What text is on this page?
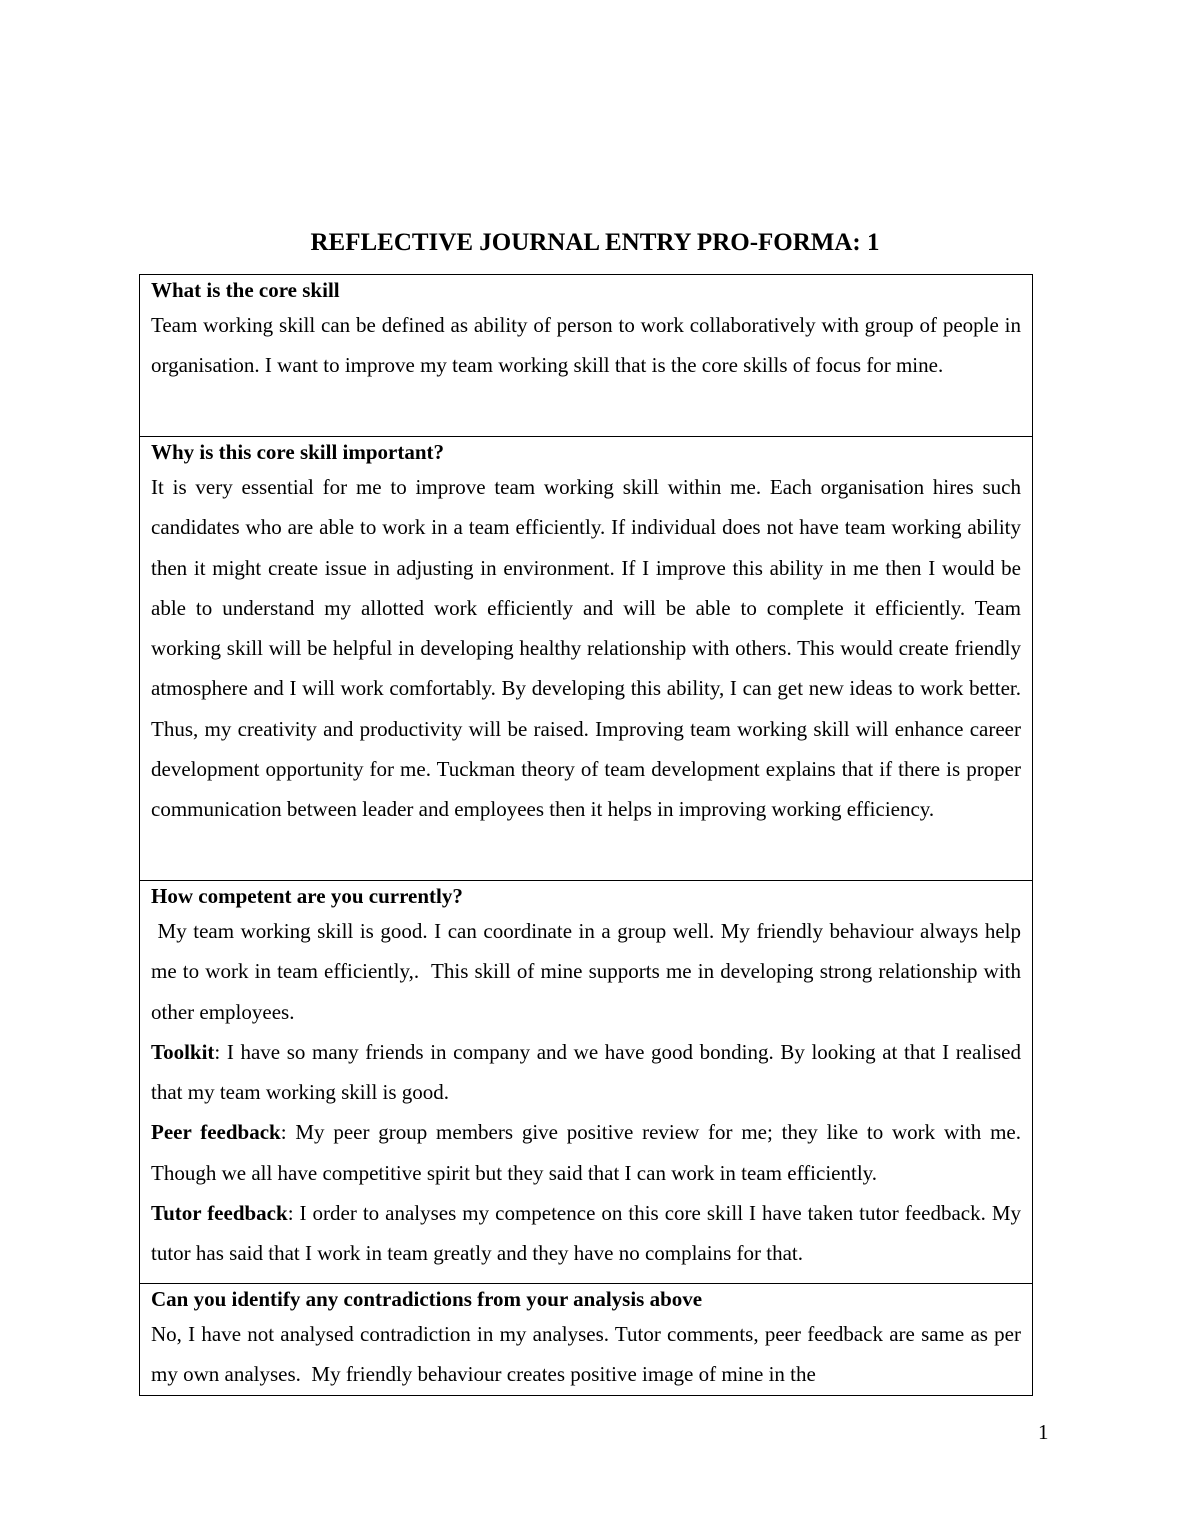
REFLECTIVE JOURNAL ENTRY PRO-FORMA: 1

What is the core skill

Team working skill can be defined as ability of person to work collaboratively with group of people in organisation. I want to improve my team working skill that is the core skills of focus for mine.

Why is this core skill important?

It is very essential for me to improve team working skill within me. Each organisation hires such candidates who are able to work in a team efficiently. If individual does not have team working ability then it might create issue in adjusting in environment. If I improve this ability in me then I would be able to understand my allotted work efficiently and will be able to complete it efficiently. Team working skill will be helpful in developing healthy relationship with others. This would create friendly atmosphere and I will work comfortably. By developing this ability, I can get new ideas to work better. Thus, my creativity and productivity will be raised. Improving team working skill will enhance career development opportunity for me. Tuckman theory of team development explains that if there is proper communication between leader and employees then it helps in improving working efficiency.

How competent are you currently?

My team working skill is good. I can coordinate in a group well. My friendly behaviour always help me to work in team efficiently,.  This skill of mine supports me in developing strong relationship with other employees.

Toolkit: I have so many friends in company and we have good bonding. By looking at that I realised that my team working skill is good.

Peer feedback: My peer group members give positive review for me; they like to work with me. Though we all have competitive spirit but they said that I can work in team efficiently.

Tutor feedback: I order to analyses my competence on this core skill I have taken tutor feedback. My tutor has said that I work in team greatly and they have no complains for that.

Can you identify any contradictions from your analysis above

No, I have not analysed contradiction in my analyses. Tutor comments, peer feedback are same as per my own analyses.  My friendly behaviour creates positive image of mine in the

1
